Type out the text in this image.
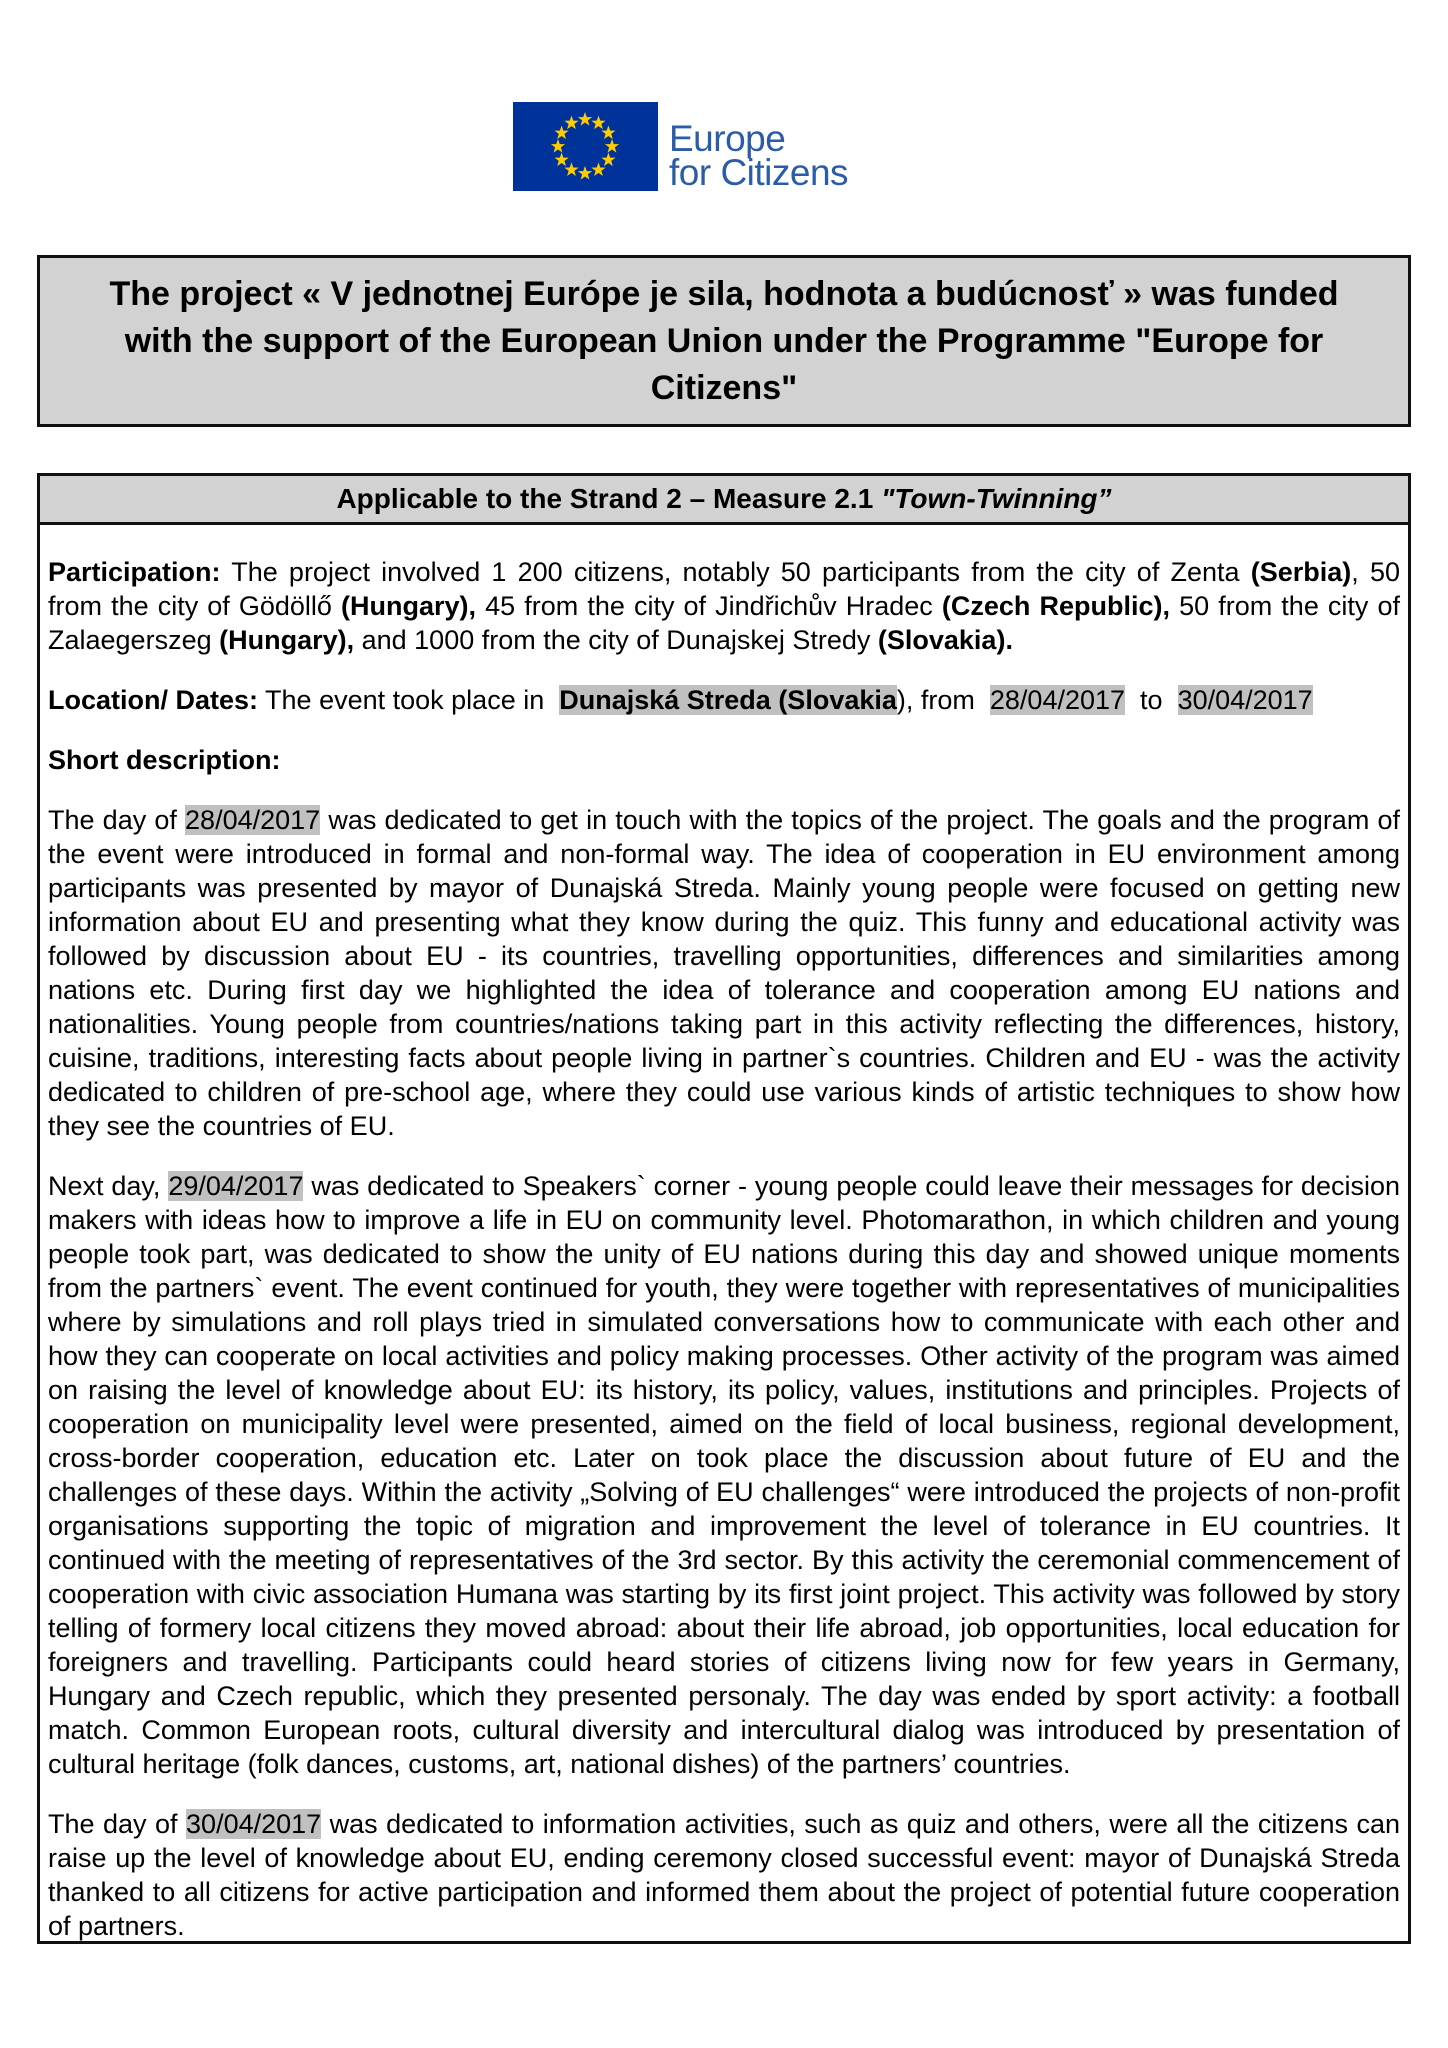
Europe
for Citizens
The project « V jednotnej Európe je sila, hodnota a budúcnosť » was funded with the support of the European Union under the Programme "Europe for Citizens"
Applicable to the Strand 2 – Measure 2.1 "Town-Twinning”

Participation: The project involved 1 200 citizens, notably 50 participants from the city of Zenta (Serbia), 50 from the city of Gödöllő (Hungary), 45 from the city of Jindřichův Hradec (Czech Republic), 50 from the city of Zalaegerszeg (Hungary), and 1000 from the city of Dunajskej Stredy (Slovakia).

Location/ Dates: The event took place in  Dunajská Streda (Slovakia), from  28/04/2017  to  30/04/2017

Short description:

The day of 28/04/2017 was dedicated to get in touch with the topics of the project. The goals and the program of the event were introduced in formal and non-formal way. The idea of cooperation in EU environment among participants was presented by mayor of Dunajská Streda. Mainly young people were focused on getting new information about EU and presenting what they know during the quiz. This funny and educational activity was followed by discussion about EU - its countries, travelling opportunities, differences and similarities among nations etc. During first day we highlighted the idea of tolerance and cooperation among EU nations and nationalities. Young people from countries/nations taking part in this activity reflecting the differences, history, cuisine, traditions, interesting facts about people living in partner`s countries. Children and EU - was the activity dedicated to children of pre-school age, where they could use various kinds of artistic techniques to show how they see the countries of EU.

Next day, 29/04/2017 was dedicated to Speakers` corner - young people could leave their messages for decision makers with ideas how to improve a life in EU on community level. Photomarathon, in which children and young people took part, was dedicated to show the unity of EU nations during this day and showed unique moments from the partners` event. The event continued for youth, they were together with representatives of municipalities where by simulations and roll plays tried in simulated conversations how to communicate with each other and how they can cooperate on local activities and policy making processes. Other activity of the program was aimed on raising the level of knowledge about EU: its history, its policy, values, institutions and principles. Projects of cooperation on municipality level were presented, aimed on the field of local business, regional development, cross-border cooperation, education etc. Later on took place the discussion about future of EU and the challenges of these days. Within the activity „Solving of EU challenges“ were introduced the projects of non-profit organisations supporting the topic of migration and improvement the level of tolerance in EU countries. It continued with the meeting of representatives of the 3rd sector. By this activity the ceremonial commencement of cooperation with civic association Humana was starting by its first joint project. This activity was followed by story telling of formery local citizens they moved abroad: about their life abroad, job opportunities, local education for foreigners and travelling. Participants could heard stories of citizens living now for few years in Germany, Hungary and Czech republic, which they presented personaly. The day was ended by sport activity: a football match. Common European roots, cultural diversity and intercultural dialog was introduced by presentation of cultural heritage (folk dances, customs, art, national dishes) of the partners’ countries.

The day of 30/04/2017 was dedicated to information activities, such as quiz and others, were all the citizens can raise up the level of knowledge about EU, ending ceremony closed successful event: mayor of Dunajská Streda thanked to all citizens for active participation and informed them about the project of potential future cooperation of partners.
